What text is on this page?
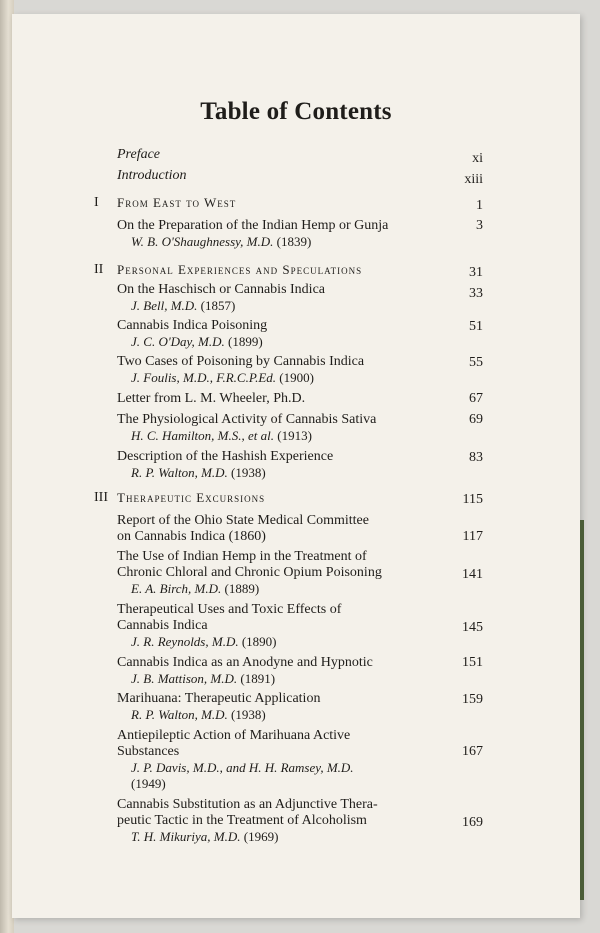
Table of Contents
Preface	xi
Introduction	xiii
I From East to West	1
On the Preparation of the Indian Hemp or Gunja	3
W. B. O'Shaughnessy, M.D. (1839)
II Personal Experiences and Speculations	31
On the Haschisch or Cannabis Indica	33
J. Bell, M.D. (1857)
Cannabis Indica Poisoning	51
J. C. O'Day, M.D. (1899)
Two Cases of Poisoning by Cannabis Indica	55
J. Foulis, M.D., F.R.C.P.Ed. (1900)
Letter from L. M. Wheeler, Ph.D.	67
The Physiological Activity of Cannabis Sativa	69
H. C. Hamilton, M.S., et al. (1913)
Description of the Hashish Experience	83
R. P. Walton, M.D. (1938)
III Therapeutic Excursions	115
Report of the Ohio State Medical Committee
on Cannabis Indica (1860)	117
The Use of Indian Hemp in the Treatment of
Chronic Chloral and Chronic Opium Poisoning	141
E. A. Birch, M.D. (1889)
Therapeutical Uses and Toxic Effects of
Cannabis Indica	145
J. R. Reynolds, M.D. (1890)
Cannabis Indica as an Anodyne and Hypnotic	151
J. B. Mattison, M.D. (1891)
Marihuana: Therapeutic Application	159
R. P. Walton, M.D. (1938)
Antiepileptic Action of Marihuana Active
Substances	167
J. P. Davis, M.D., and H. H. Ramsey, M.D.
(1949)
Cannabis Substitution as an Adjunctive Thera-
peutic Tactic in the Treatment of Alcoholism	169
T. H. Mikuriya, M.D. (1969)
